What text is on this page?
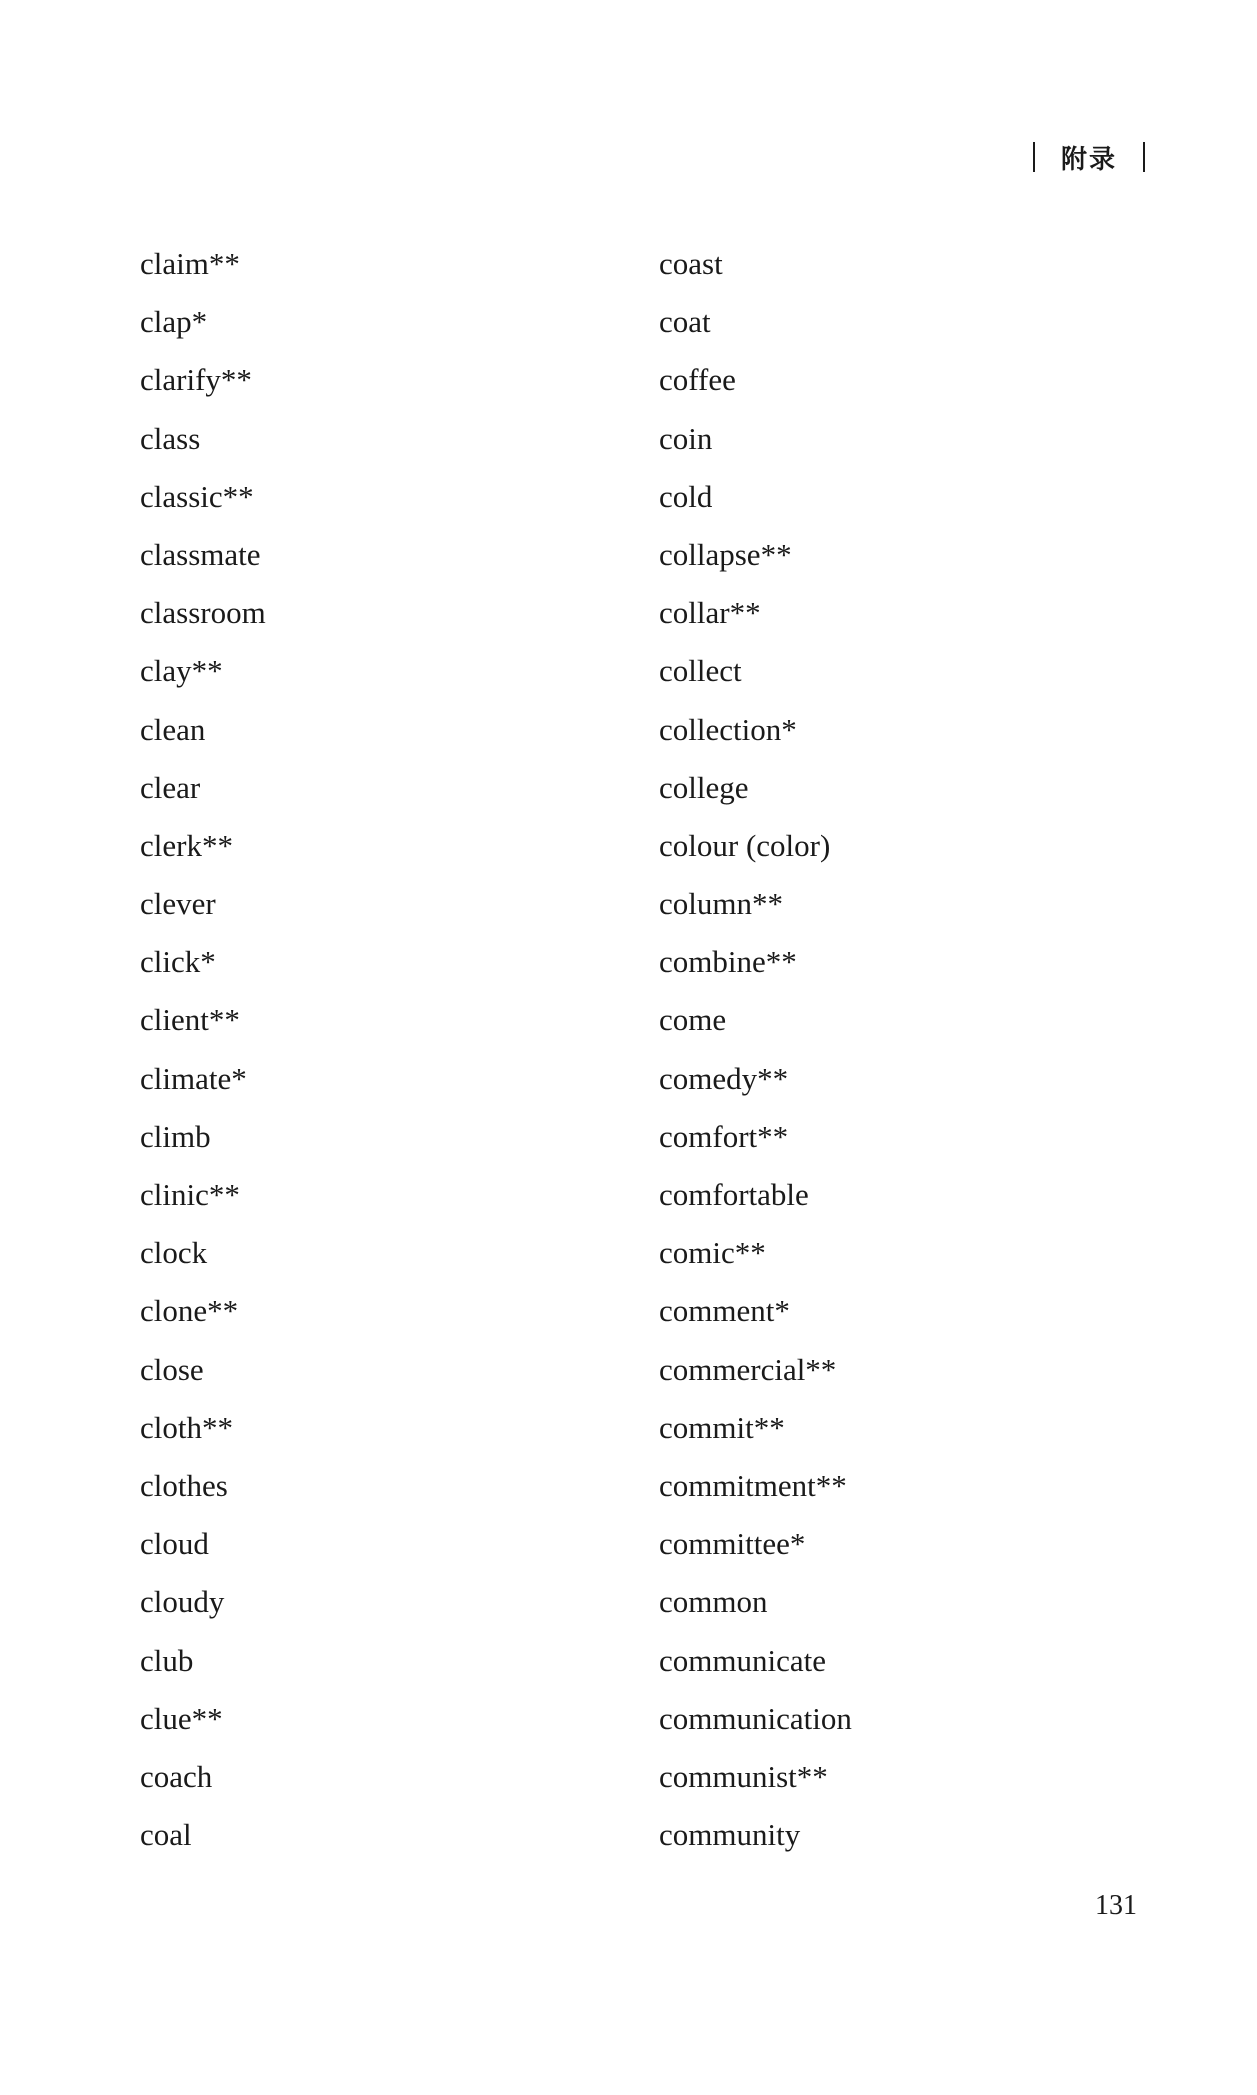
附录
claim**
clap*
clarify**
class
classic**
classmate
classroom
clay**
clean
clear
clerk**
clever
click*
client**
climate*
climb
clinic**
clock
clone**
close
cloth**
clothes
cloud
cloudy
club
clue**
coach
coal
coast
coat
coffee
coin
cold
collapse**
collar**
collect
collection*
college
colour (color)
column**
combine**
come
comedy**
comfort**
comfortable
comic**
comment*
commercial**
commit**
commitment**
committee*
common
communicate
communication
communist**
community
131
